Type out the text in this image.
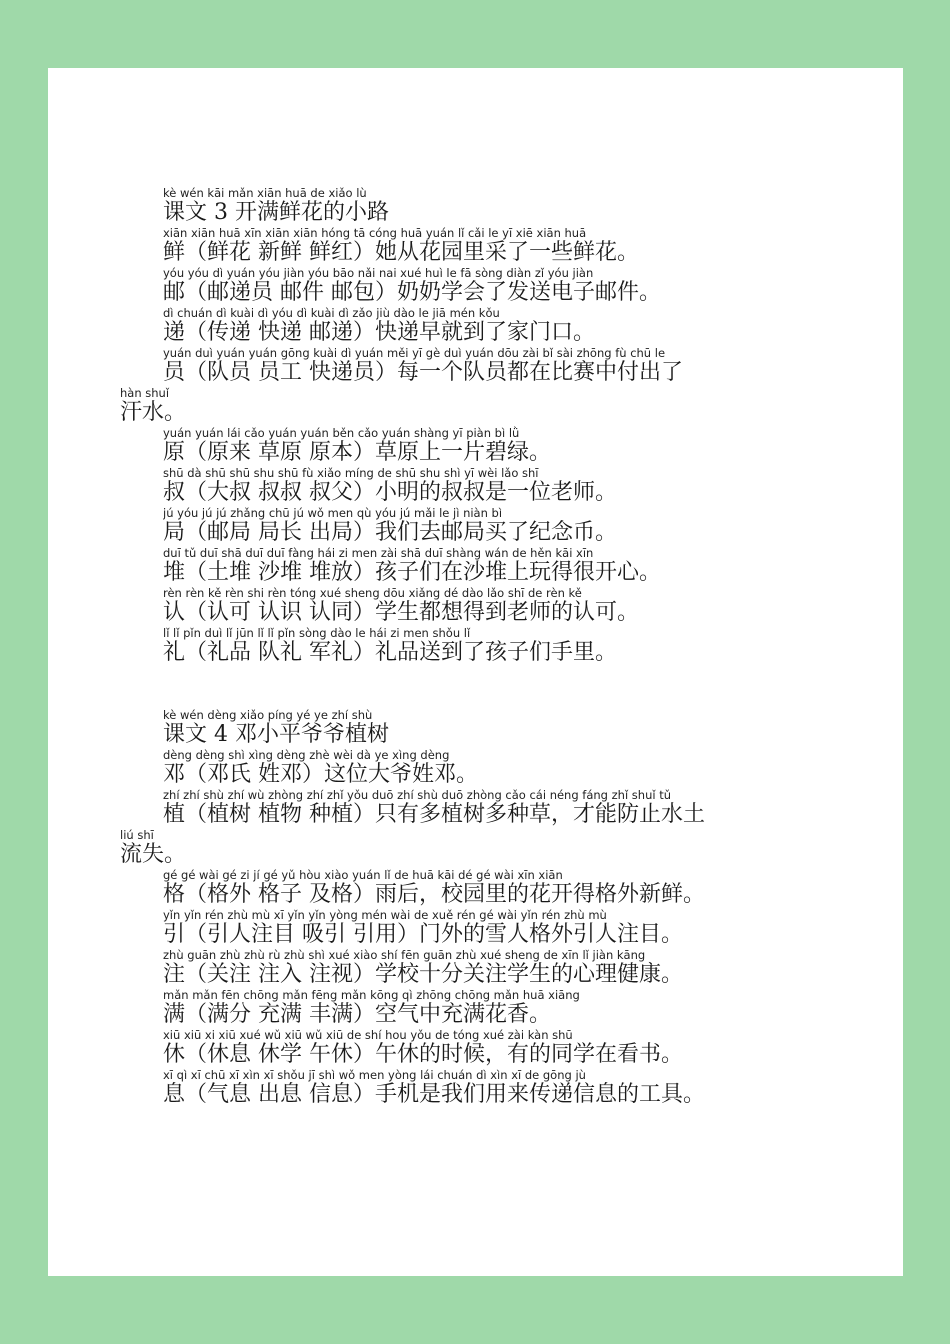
kè wén kāi mǎn xiān huā de xiǎo lù
课文 3 开满鲜花的小路
xiān xiān huā xīn xiān xiān hóng tā cóng huā yuán lǐ cǎi le yī xiē xiān huā
鲜（鲜花 新鲜 鲜红）她从花园里采了一些鲜花。
yóu yóu dì yuán yóu jiàn yóu bāo nǎi nai xué huì le fā sòng diàn zǐ yóu jiàn
邮（邮递员 邮件 邮包）奶奶学会了发送电子邮件。
dì chuán dì kuài dì yóu dì kuài dì zǎo jiù dào le jiā mén kǒu
递（传递 快递 邮递）快递早就到了家门口。
yuán duì yuán yuán gōng kuài dì yuán měi yī gè duì yuán dōu zài bǐ sài zhōng fù chū le
员（队员 员工 快递员）每一个队员都在比赛中付出了
hàn shuǐ
汗水。
yuán yuán lái cǎo yuán yuán běn cǎo yuán shàng yī piàn bì lǜ
原（原来 草原 原本）草原上一片碧绿。
shū dà shū shū shu shū fù xiǎo míng de shū shu shì yī wèi lǎo shī
叔（大叔 叔叔 叔父）小明的叔叔是一位老师。
jú yóu jú jú zhǎng chū jú wǒ men qù yóu jú mǎi le jì niàn bì
局（邮局 局长 出局）我们去邮局买了纪念币。
duī tǔ duī shā duī duī fàng hái zi men zài shā duī shàng wán de hěn kāi xīn
堆（土堆 沙堆 堆放）孩子们在沙堆上玩得很开心。
rèn rèn kě rèn shi rèn tóng xué sheng dōu xiǎng dé dào lǎo shī de rèn kě
认（认可 认识 认同）学生都想得到老师的认可。
lǐ lǐ pǐn duì lǐ jūn lǐ lǐ pǐn sòng dào le hái zi men shǒu lǐ
礼（礼品 队礼 军礼）礼品送到了孩子们手里。
kè wén dèng xiǎo píng yé ye zhí shù
课文 4 邓小平爷爷植树
dèng dèng shì xìng dèng zhè wèi dà ye xìng dèng
邓（邓氏 姓邓）这位大爷姓邓。
zhí zhí shù zhí wù zhòng zhí zhǐ yǒu duō zhí shù duō zhòng cǎo cái néng fáng zhǐ shuǐ tǔ
植（植树 植物 种植）只有多植树多种草，才能防止水土
liú shī
流失。
gé gé wài gé zi jí gé yǔ hòu xiào yuán lǐ de huā kāi dé gé wài xīn xiān
格（格外 格子 及格）雨后，校园里的花开得格外新鲜。
yǐn yǐn rén zhù mù xī yǐn yǐn yòng mén wài de xuě rén gé wài yǐn rén zhù mù
引（引人注目 吸引 引用）门外的雪人格外引人注目。
zhù guān zhù zhù rù zhù shì xué xiào shí fēn guān zhù xué sheng de xīn lǐ jiàn kāng
注（关注 注入 注视）学校十分关注学生的心理健康。
mǎn mǎn fēn chōng mǎn fēng mǎn kōng qì zhōng chōng mǎn huā xiāng
满（满分 充满 丰满）空气中充满花香。
xiū xiū xi xiū xué wǔ xiū wǔ xiū de shí hou yǒu de tóng xué zài kàn shū
休（休息 休学 午休）午休的时候，有的同学在看书。
xī qì xī chū xī xìn xī shǒu jī shì wǒ men yòng lái chuán dì xìn xī de gōng jù
息（气息 出息 信息）手机是我们用来传递信息的工具。
